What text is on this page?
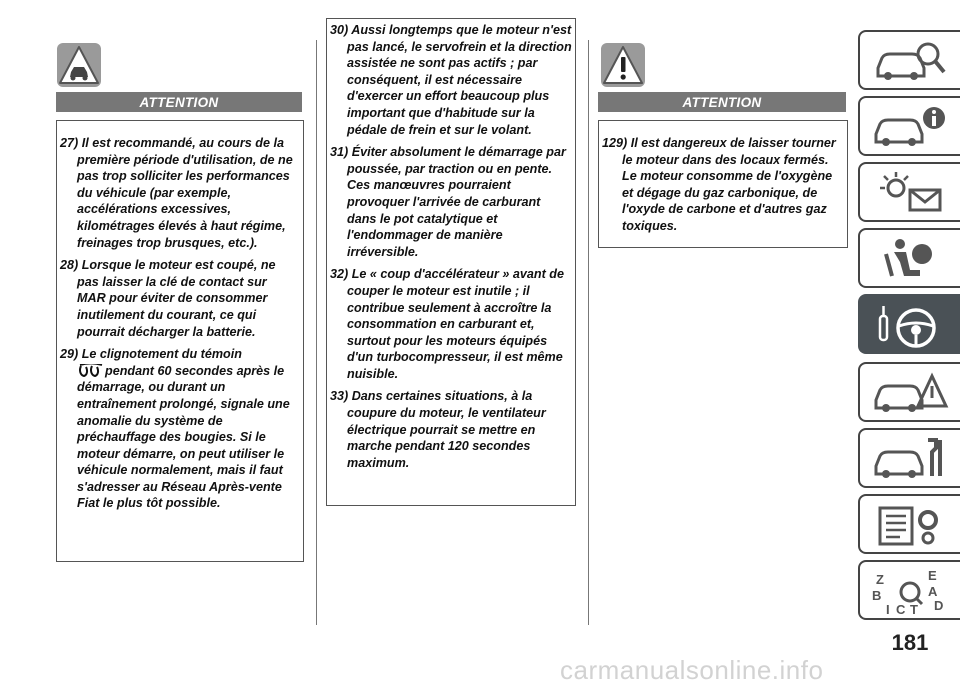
ATTENTION
27) Il est recommandé, au cours de la première période d'utilisation, de ne pas trop solliciter les performances du véhicule (par exemple, accélérations excessives, kilométrages élevés à haut régime, freinages trop brusques, etc.).
28) Lorsque le moteur est coupé, ne pas laisser la clé de contact sur MAR pour éviter de consommer inutilement du courant, ce qui pourrait décharger la batterie.
29) Le clignotement du témoin
pendant 60 secondes après le démarrage, ou durant un entraînement prolongé, signale une anomalie du système de préchauffage des bougies. Si le moteur démarre, on peut utiliser le véhicule normalement, mais il faut s'adresser au Réseau Après-vente Fiat le plus tôt possible.
30) Aussi longtemps que le moteur n'est pas lancé, le servofrein et la direction assistée ne sont pas actifs ; par conséquent, il est nécessaire d'exercer un effort beaucoup plus important que d'habitude sur la pédale de frein et sur le volant.
31) Éviter absolument le démarrage par poussée, par traction ou en pente. Ces manœuvres pourraient provoquer l'arrivée de carburant dans le pot catalytique et l'endommager de manière irréversible.
32) Le « coup d'accélérateur » avant de couper le moteur est inutile ; il contribue seulement à accroître la consommation en carburant et, surtout pour les moteurs équipés d'un turbocompresseur, il est même nuisible.
33) Dans certaines situations, à la coupure du moteur, le ventilateur électrique pourrait se mettre en marche pendant 120 secondes maximum.
ATTENTION
129) Il est dangereux de laisser tourner le moteur dans des locaux fermés. Le moteur consomme de l'oxygène et dégage du gaz carbonique, de l'oxyde de carbone et d'autres gaz toxiques.
Z	E
A
B
D
I C T
181
carmanualsonline.info
